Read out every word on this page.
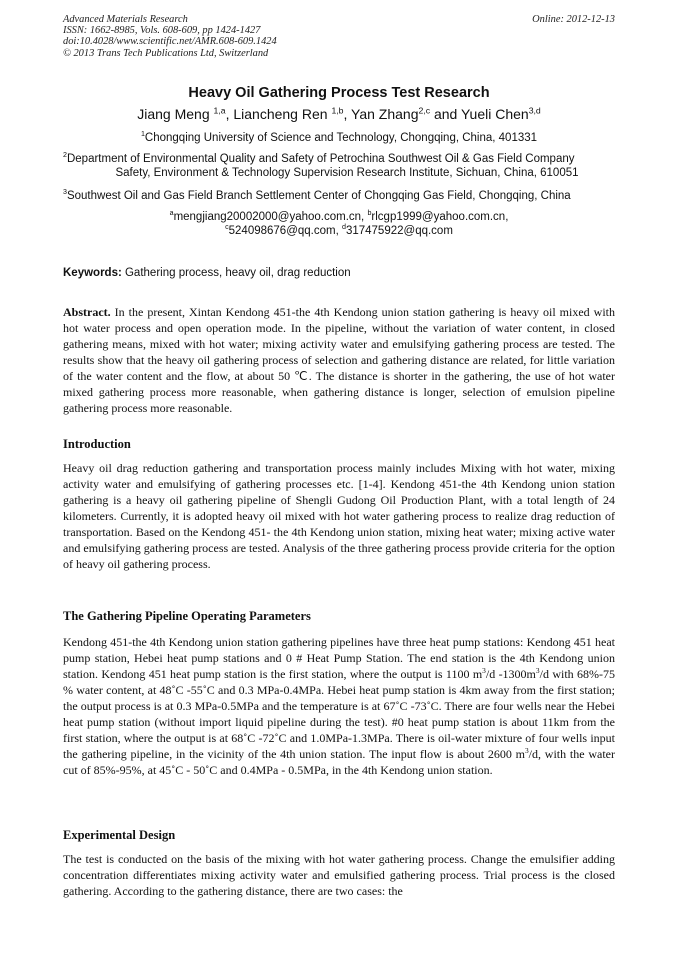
Advanced Materials Research
ISSN: 1662-8985, Vols. 608-609, pp 1424-1427
doi:10.4028/www.scientific.net/AMR.608-609.1424
© 2013 Trans Tech Publications Ltd, Switzerland
Online: 2012-12-13
Heavy Oil Gathering Process Test Research
Jiang Meng $^{1,a}$, Liancheng Ren $^{1,b}$, Yan Zhang$^{2,c}$ and Yueli Chen$^{3,d}$
$^1$Chongqing University of Science and Technology, Chongqing, China, 401331
$^2$Department of Environmental Quality and Safety of Petrochina Southwest Oil & Gas Field Company
Safety, Environment & Technology Supervision Research Institute, Sichuan, China, 610051
$^3$Southwest Oil and Gas Field Branch Settlement Center of Chongqing Gas Field, Chongqing, China
$^a$mengjiang20002000@yahoo.com.cn, $^b$rlcgp1999@yahoo.com.cn,
$^c$524098676@qq.com, $^d$317475922@qq.com
Keywords: Gathering process, heavy oil, drag reduction
Abstract. In the present, Xintan Kendong 451-the 4th Kendong union station gathering is heavy oil mixed with hot water process and open operation mode. In the pipeline, without the variation of water content, in closed gathering means, mixed with hot water; mixing activity water and emulsifying gathering process are tested. The results show that the heavy oil gathering process of selection and gathering distance are related, for little variation of the water content and the flow, at about 50 ℃. The distance is shorter in the gathering, the use of hot water mixed gathering process more reasonable, when gathering distance is longer, selection of emulsion pipeline gathering process more reasonable.
Introduction
Heavy oil drag reduction gathering and transportation process mainly includes Mixing with hot water, mixing activity water and emulsifying of gathering processes etc. [1-4]. Kendong 451-the 4th Kendong union station gathering is a heavy oil gathering pipeline of Shengli Gudong Oil Production Plant, with a total length of 24 kilometers. Currently, it is adopted heavy oil mixed with hot water gathering process to realize drag reduction of transportation. Based on the Kendong 451- the 4th Kendong union station, mixing heat water; mixing active water and emulsifying gathering process are tested. Analysis of the three gathering process provide criteria for the option of heavy oil gathering process.
The Gathering Pipeline Operating Parameters
Kendong 451-the 4th Kendong union station gathering pipelines have three heat pump stations: Kendong 451 heat pump station, Hebei heat pump stations and 0 # Heat Pump Station. The end station is the 4th Kendong union station. Kendong 451 heat pump station is the first station, where the output is 1100 $m^3/d$ $-1300m^3/d$ with 68%-75 % water content, at 48˚C -55˚C and 0.3 MPa-0.4MPa. Hebei heat pump station is 4km away from the first station; the output process is at 0.3 MPa-0.5MPa and the temperature is at 67˚C -73˚C. There are four wells near the Hebei heat pump station (without import liquid pipeline during the test). #0 heat pump station is about 11km from the first station, where the output is at 68˚C -72˚C and 1.0MPa-1.3MPa. There is oil-water mixture of four wells input the gathering pipeline, in the vicinity of the 4th union station. The input flow is about 2600 $m^3/d$, with the water cut of 85%-95%, at 45˚C - 50˚C and 0.4MPa - 0.5MPa, in the 4th Kendong union station.
Experimental Design
The test is conducted on the basis of the mixing with hot water gathering process. Change the emulsifier adding concentration differentiates mixing activity water and emulsified gathering process. Trial process is the closed gathering. According to the gathering distance, there are two cases: the
